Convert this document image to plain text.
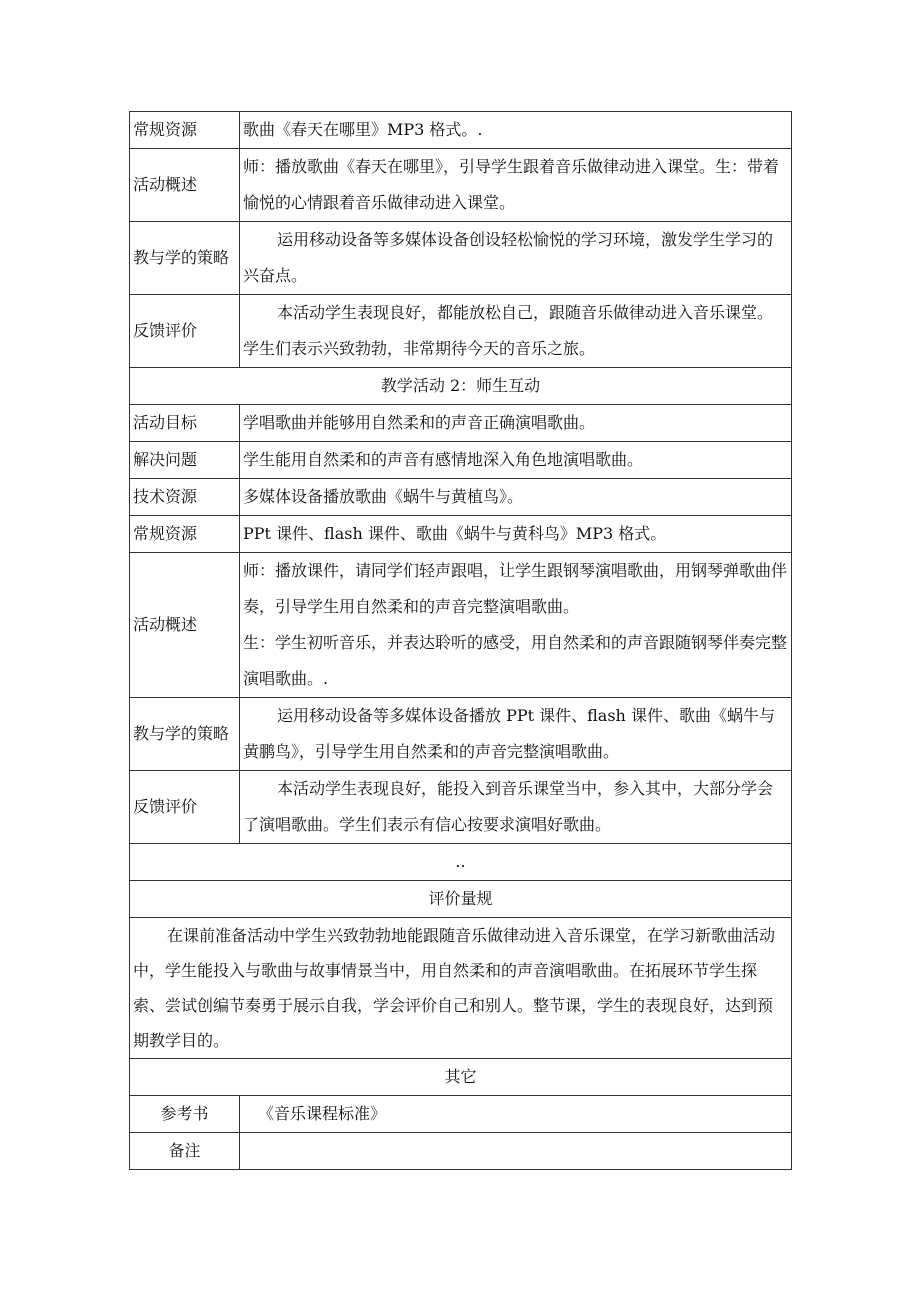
常规资源	歌曲《春天在哪里》MP3 格式。.
活动概述	师：播放歌曲《春天在哪里》，引导学生跟着音乐做律动进入课堂。生：带着愉悦的心情跟着音乐做律动进入课堂。
教与学的策略	运用移动设备等多媒体设备创设轻松愉悦的学习环境，激发学生学习的兴奋点。
反馈评价	本活动学生表现良好，都能放松自己，跟随音乐做律动进入音乐课堂。学生们表示兴致勃勃，非常期待今天的音乐之旅。
教学活动 2：师生互动	
活动目标	学唱歌曲并能够用自然柔和的声音正确演唱歌曲。
解决问题	学生能用自然柔和的声音有感情地深入角色地演唱歌曲。
技术资源	多媒体设备播放歌曲《蜗牛与黄植鸟》。
常规资源	PPt 课件、flash 课件、歌曲《蜗牛与黄科鸟》MP3 格式。
活动概述	师：播放课件，请同学们轻声跟唱，让学生跟钢琴演唱歌曲，用钢琴弹歌曲伴奏，引导学生用自然柔和的声音完整演唱歌曲。

生：学生初听音乐，并表达聆听的感受，用自然柔和的声音跟随钢琴伴奏完整演唱歌曲。.

教与学的策略	运用移动设备等多媒体设备播放 PPt 课件、flash 课件、歌曲《蜗牛与黄鹏鸟》，引导学生用自然柔和的声音完整演唱歌曲。
反馈评价	本活动学生表现良好，能投入到音乐课堂当中，参入其中，大部分学会了演唱歌曲。学生们表示有信心按要求演唱好歌曲。
..	
评价量规	
在课前准备活动中学生兴致勃勃地能跟随音乐做律动进入音乐课堂，在学习新歌曲活动中，学生能投入与歌曲与故事情景当中，用自然柔和的声音演唱歌曲。在拓展环节学生探索、尝试创编节奏勇于展示自我，学会评价自己和别人。整节课，学生的表现良好，达到预期教学目的。	
其它	
参考书	《音乐课程标准》
备注	
